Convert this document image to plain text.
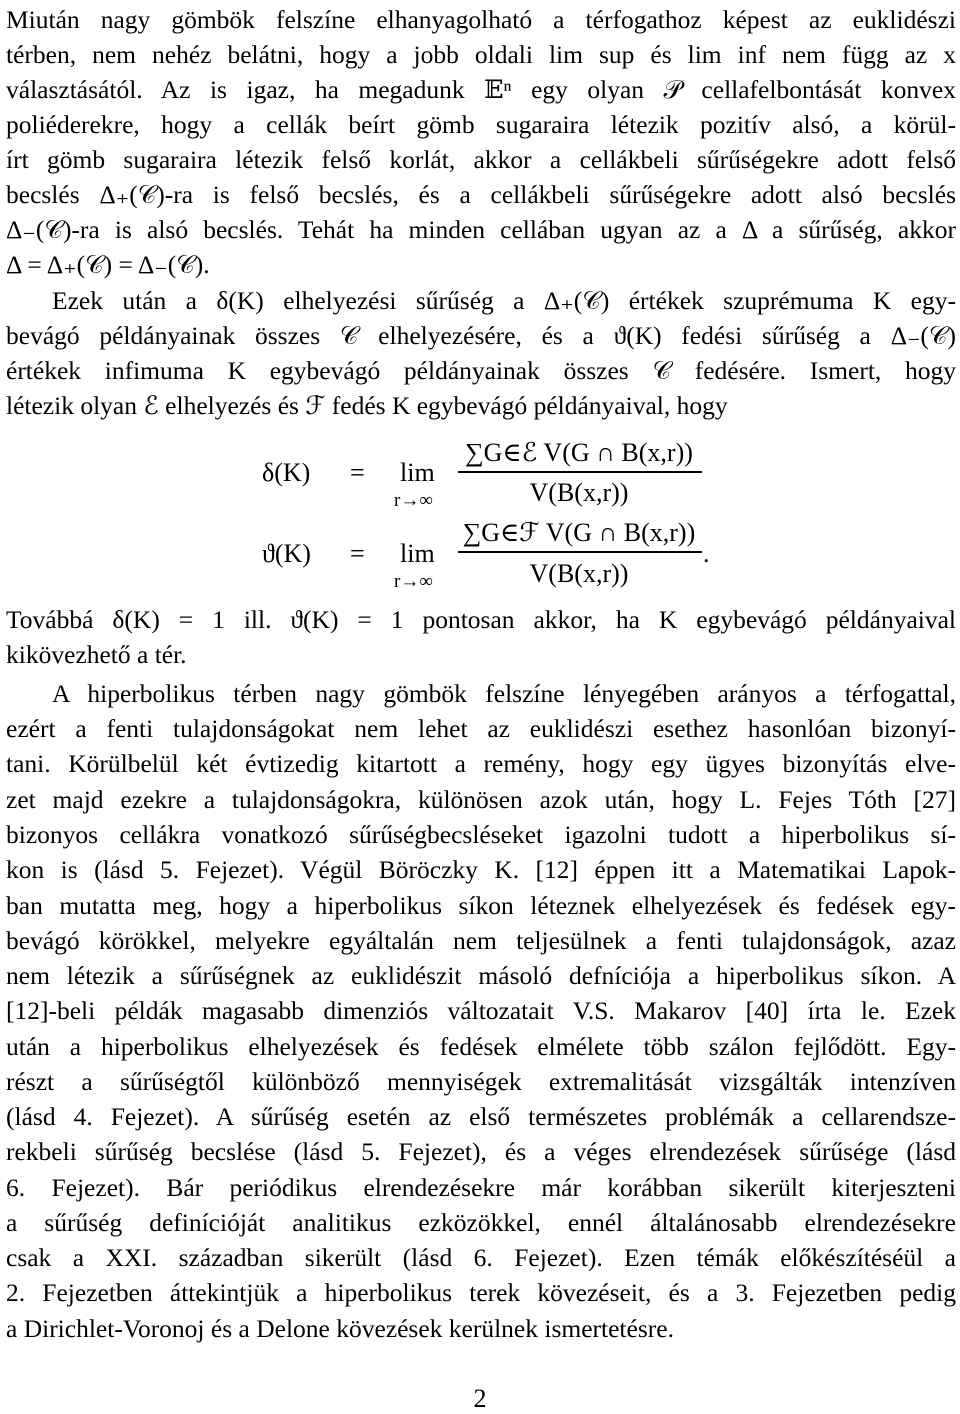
Miután nagy gömbök felszíne elhanyagolható a térfogathoz képest az euklidészi
térben, nem nehéz belátni, hogy a jobb oldali lim sup és lim inf nem függ az x
választásától. Az is igaz, ha megadunk 𝔼ⁿ egy olyan 𝒫 cellafelbontását konvex
poliéderekre, hogy a cellák beírt gömb sugaraira létezik pozitív alsó, a körül-
írt gömb sugaraira létezik felső korlát, akkor a cellákbeli sűrűségekre adott felső
becslés Δ₊(𝒞)-ra is felső becslés, és a cellákbeli sűrűségekre adott alsó becslés
Δ₋(𝒞)-ra is alsó becslés. Tehát ha minden cellában ugyan az a Δ a sűrűség, akkor
Δ = Δ₊(𝒞) = Δ₋(𝒞).
Ezek után a δ(K) elhelyezési sűrűség a Δ₊(𝒞) értékek szuprémuma K egy-
bevágó példányainak összes 𝒞 elhelyezésére, és a ϑ(K) fedési sűrűség a Δ₋(𝒞)
értékek infimuma K egybevágó példányainak összes 𝒞 fedésére. Ismert, hogy
létezik olyan ℰ elhelyezés és ℱ fedés K egybevágó példányaival, hogy
δ(K) = lim
r→∞
∑G∈ℰ V(G ∩ B(x,r))
V(B(x,r))
ϑ(K) = lim
r→∞
∑G∈ℱ V(G ∩ B(x,r))
V(B(x,r))
.
Továbbá δ(K) = 1 ill. ϑ(K) = 1 pontosan akkor, ha K egybevágó példányaival
kikövezhető a tér.
A hiperbolikus térben nagy gömbök felszíne lényegében arányos a térfogattal,
ezért a fenti tulajdonságokat nem lehet az euklidészi esethez hasonlóan bizonyí-
tani. Körülbelül két évtizedig kitartott a remény, hogy egy ügyes bizonyítás elve-
zet majd ezekre a tulajdonságokra, különösen azok után, hogy L. Fejes Tóth [27]
bizonyos cellákra vonatkozó sűrűségbecsléseket igazolni tudott a hiperbolikus sí-
kon is (lásd 5. Fejezet). Végül Böröczky K. [12] éppen itt a Matematikai Lapok-
ban mutatta meg, hogy a hiperbolikus síkon léteznek elhelyezések és fedések egy-
bevágó körökkel, melyekre egyáltalán nem teljesülnek a fenti tulajdonságok, azaz
nem létezik a sűrűségnek az euklidészit másoló defníciója a hiperbolikus síkon. A
[12]-beli példák magasabb dimenziós változatait V.S. Makarov [40] írta le. Ezek
után a hiperbolikus elhelyezések és fedések elmélete több szálon fejlődött. Egy-
részt a sűrűségtől különböző mennyiségek extremalitását vizsgálták intenzíven
(lásd 4. Fejezet). A sűrűség esetén az első természetes problémák a cellarendsze-
rekbeli sűrűség becslése (lásd 5. Fejezet), és a véges elrendezések sűrűsége (lásd
6. Fejezet). Bár periódikus elrendezésekre már korábban sikerült kiterjeszteni
a sűrűség definícióját analitikus ezközökkel, ennél általánosabb elrendezésekre
csak a XXI. században sikerült (lásd 6. Fejezet). Ezen témák előkészítéséül a
2. Fejezetben áttekintjük a hiperbolikus terek kövezéseit, és a 3. Fejezetben pedig
a Dirichlet-Voronoj és a Delone kövezések kerülnek ismertetésre.
2
